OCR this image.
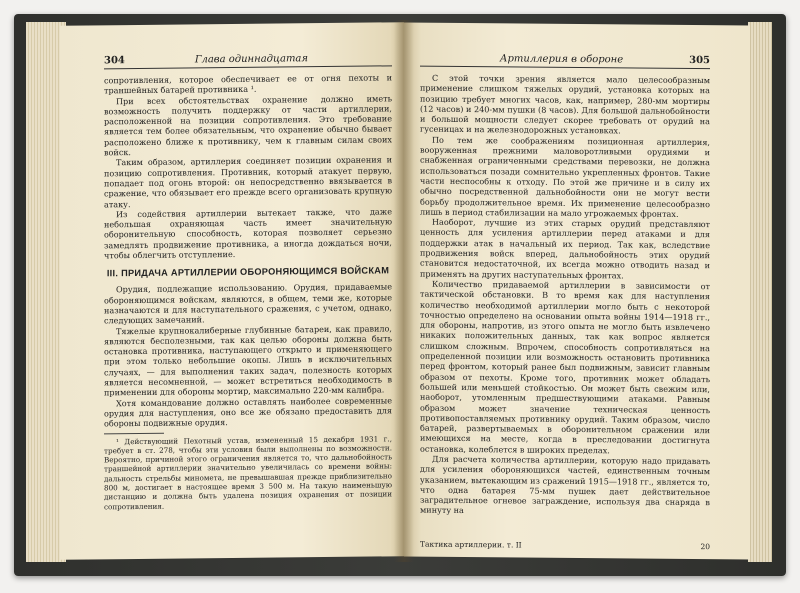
304	Глава одиннадцатая

сопротивления, которое обеспечивает ее от огня пехоты и траншейных батарей противника ¹.

При всех обстоятельствах охранение должно иметь возможность получить поддержку от части артиллерии, расположенной на позиции сопротивления. Это требование является тем более обязательным, что охранение обычно бывает расположено ближе к противнику, чем к главным силам своих войск.

Таким образом, артиллерия соединяет позиции охранения и позицию сопротивления. Противник, который атакует первую, попадает под огонь второй: он непосредственно ввязывается в сражение, что обязывает его прежде всего организовать крупную атаку.

Из содействия артиллерии вытекает также, что даже небольшая охраняющая часть имеет значительную оборонительную способность, которая позволяет серьезно замедлять продвижение противника, а иногда дождаться ночи, чтобы облегчить отступление.

III. ПРИДАЧА АРТИЛЛЕРИИ ОБОРОНЯЮЩИМСЯ ВОЙСКАМ

Орудия, подлежащие использованию. Орудия, придаваемые обороняющимся войскам, являются, в общем, теми же, которые назначаются и для наступательного сражения, с учетом, однако, следующих замечаний.

Тяжелые крупнокалиберные глубинные батареи, как правило, являются бесполезными, так как целью обороны должна быть остановка противника, наступающего открыто и применяющего при этом только небольшие окопы. Лишь в исключительных случаях, — для выполнения таких задач, полезность которых является несомненной, — может встретиться необходимость в применении для обороны мортир, максимально 220-мм калибра.

Хотя командование должно оставлять наиболее современные орудия для наступления, оно все же обязано предоставить для обороны подвижные орудия.

¹ Действующий Пехотный устав, измененный 15 декабря 1931 г., требует в ст. 278, чтобы эти условия были выполнены по возможности. Вероятно, причиной этого ограничения является то, что дальнобойность траншейной артиллерии значительно увеличилась со времени войны: дальность стрельбы миномета, не превышавшая прежде приблизительно 800 м, достигает в настоящее время 3 500 м. На такую наименьшую дистанцию и должна быть удалена позиция охранения от позиции сопротивления.

Артиллерия в обороне	305

С этой точки зрения является мало целесообразным применение слишком тяжелых орудий, установка которых на позицию требует многих часов, как, например, 280-мм мортиры (12 часов) и 240-мм пушки (8 часов). Для большой дальнобойности и большой мощности следует скорее требовать от орудий на гусеницах и на железнодорожных установках.

По тем же соображениям позиционная артиллерия, вооруженная прежними маловоротливыми орудиями и снабженная ограниченными средствами перевозки, не должна использоваться позади сомнительно укрепленных фронтов. Такие части неспособны к отходу. По этой же причине и в силу их обычно посредственной дальнобойности они не могут вести борьбу продолжительное время. Их применение целесообразно лишь в период стабилизации на мало угрожаемых фронтах.

Наоборот, лучшие из этих старых орудий представляют ценность для усиления артиллерии перед атаками и для поддержки атак в начальный их период. Так как, вследствие продвижения войск вперед, дальнобойность этих орудий становится недостаточной, их всегда можно отводить назад и применять на других наступательных фронтах.

Количество придаваемой артиллерии в зависимости от тактической обстановки. В то время как для наступления количество необходимой артиллерии могло быть с некоторой точностью определено на основании опыта войны 1914—1918 гг., для обороны, напротив, из этого опыта не могло быть извлечено никаких положительных данных, так как вопрос является слишком сложным. Впрочем, способность сопротивляться на определенной позиции или возможность остановить противника перед фронтом, который ранее был подвижным, зависит главным образом от пехоты. Кроме того, противник может обладать большей или меньшей стойкостью. Он может быть свежим или, наоборот, утомленным предшествующими атаками. Равным образом может значение техническая ценность противопоставляемых противнику орудий. Таким образом, число батарей, развертываемых в оборонительном сражении или имеющихся на месте, когда в преследовании достигнута остановка, колеблется в широких пределах.

Для расчета количества артиллерии, которую надо придавать для усиления обороняющихся частей, единственным точным указанием, вытекающим из сражений 1915—1918 гг., является то, что одна батарея 75-мм пушек дает действительное заградительное огневое заграждение, используя два снаряда в минуту на

Тактика артиллерии. т. II	20
